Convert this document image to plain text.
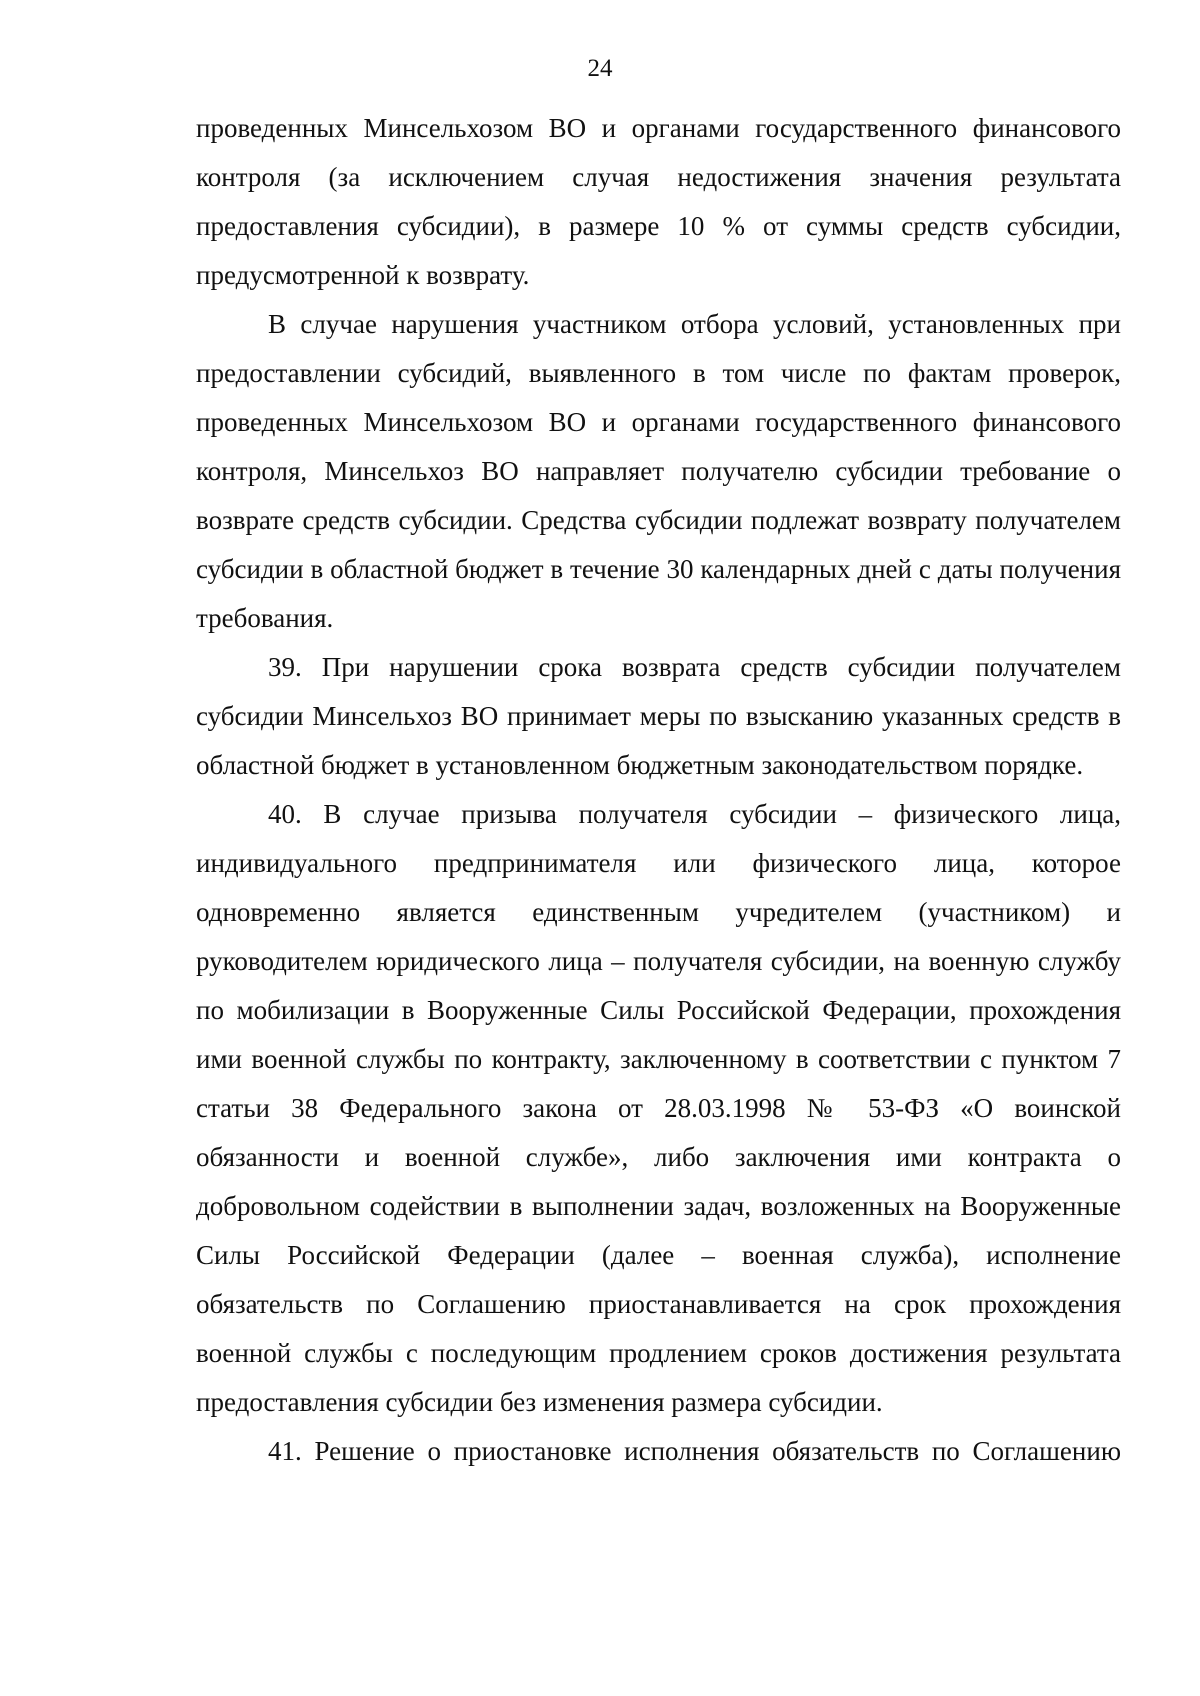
24

проведенных Минсельхозом ВО и органами государственного финансового контроля (за исключением случая недостижения значения результата предоставления субсидии), в размере 10 % от суммы средств субсидии, предусмотренной к возврату.

В случае нарушения участником отбора условий, установленных при предоставлении субсидий, выявленного в том числе по фактам проверок, проведенных Минсельхозом ВО и органами государственного финансового контроля, Минсельхоз ВО направляет получателю субсидии требование о возврате средств субсидии. Средства субсидии подлежат возврату получателем субсидии в областной бюджет в течение 30 календарных дней с даты получения требования.

39. При нарушении срока возврата средств субсидии получателем субсидии Минсельхоз ВО принимает меры по взысканию указанных средств в областной бюджет в установленном бюджетным законодательством порядке.

40. В случае призыва получателя субсидии – физического лица, индивидуального предпринимателя или физического лица, которое одновременно является единственным учредителем (участником) и руководителем юридического лица – получателя субсидии, на военную службу по мобилизации в Вооруженные Силы Российской Федерации, прохождения ими военной службы по контракту, заключенному в соответствии с пунктом 7 статьи 38 Федерального закона от 28.03.1998 № 53-ФЗ «О воинской обязанности и военной службе», либо заключения ими контракта о добровольном содействии в выполнении задач, возложенных на Вооруженные Силы Российской Федерации (далее – военная служба), исполнение обязательств по Соглашению приостанавливается на срок прохождения военной службы с последующим продлением сроков достижения результата предоставления субсидии без изменения размера субсидии.

41. Решение о приостановке исполнения обязательств по Соглашению
